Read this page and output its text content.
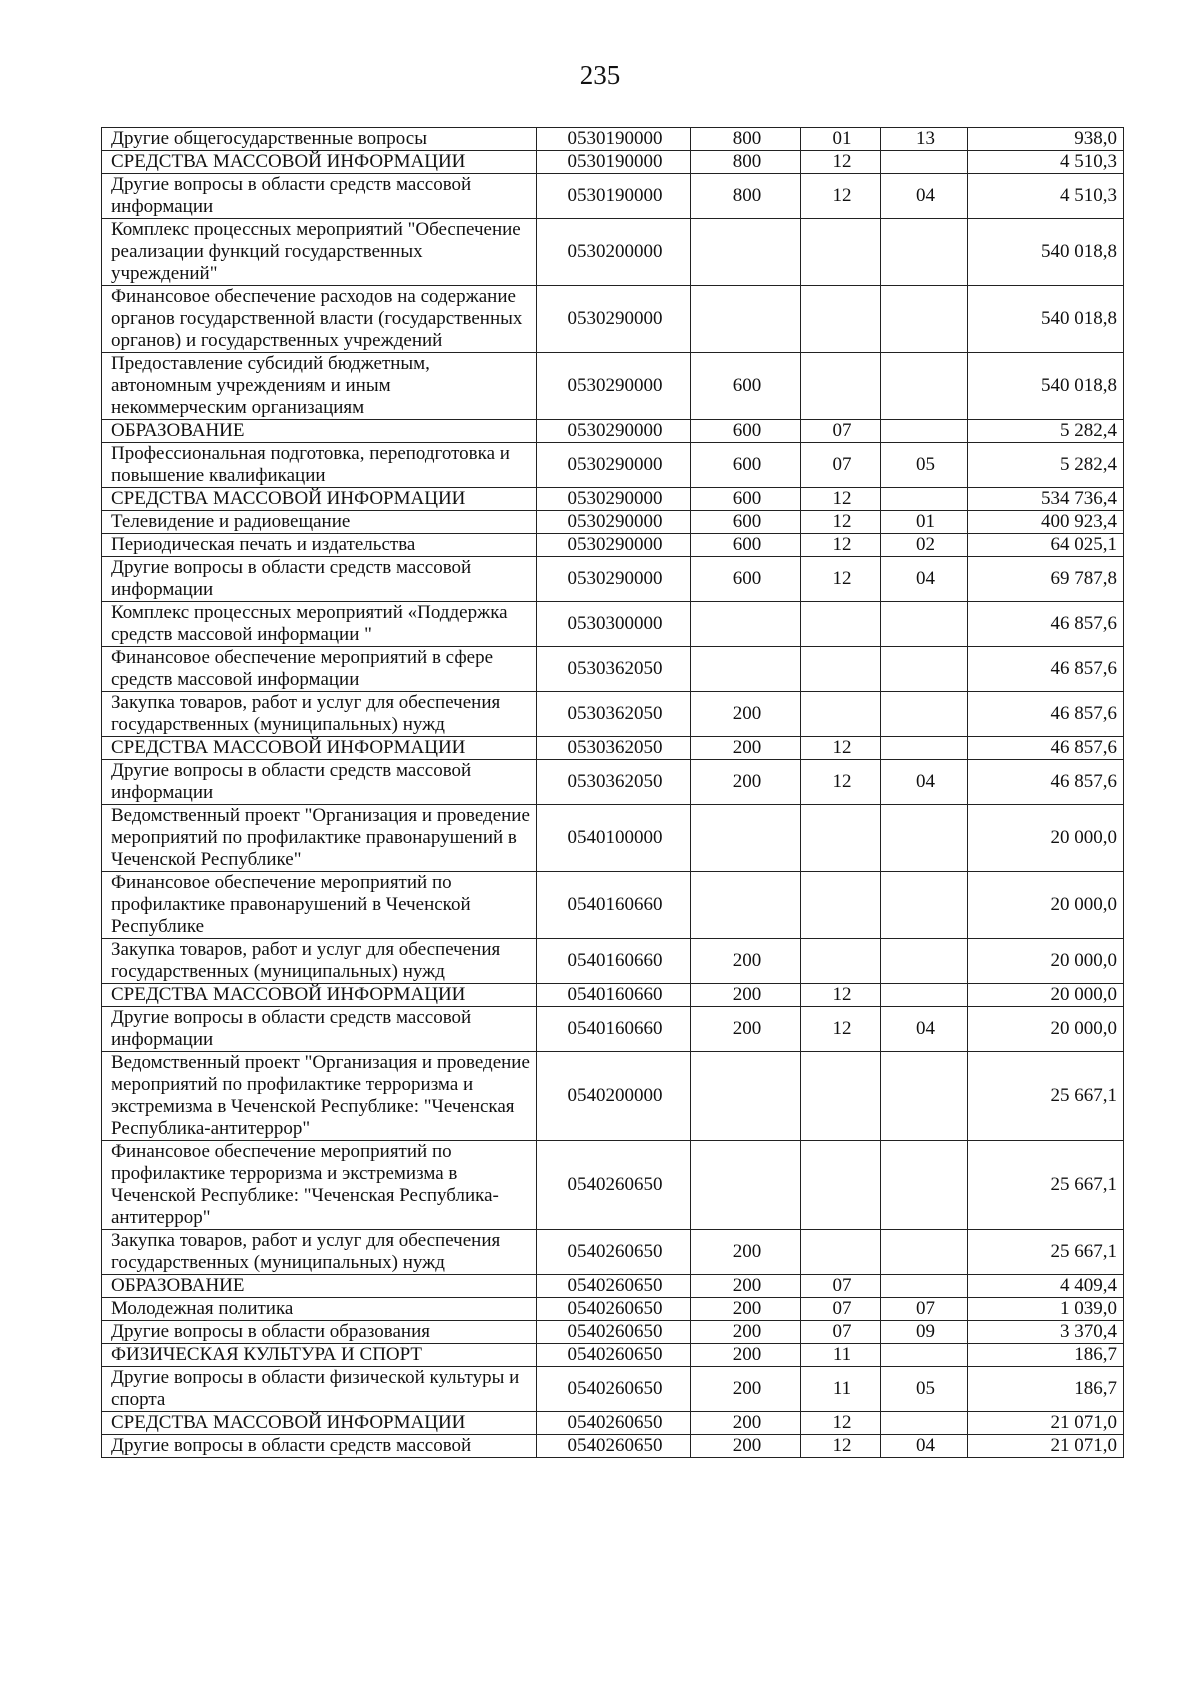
235
Другие общегосударственные вопросы	0530190000	800	01	13	938,0
СРЕДСТВА МАССОВОЙ ИНФОРМАЦИИ	0530190000	800	12		4 510,3
Другие вопросы в области средств массовой информации	0530190000	800	12	04	4 510,3
Комплекс процессных мероприятий "Обеспечение реализации функций государственных учреждений"	0530200000				540 018,8
Финансовое обеспечение расходов на содержание органов государственной власти (государственных органов) и государственных учреждений	0530290000				540 018,8
Предоставление субсидий бюджетным, автономным учреждениям и иным некоммерческим организациям	0530290000	600			540 018,8
ОБРАЗОВАНИЕ	0530290000	600	07		5 282,4
Профессиональная подготовка, переподготовка и повышение квалификации	0530290000	600	07	05	5 282,4
СРЕДСТВА МАССОВОЙ ИНФОРМАЦИИ	0530290000	600	12		534 736,4
Телевидение и радиовещание	0530290000	600	12	01	400 923,4
Периодическая печать и издательства	0530290000	600	12	02	64 025,1
Другие вопросы в области средств массовой информации	0530290000	600	12	04	69 787,8
Комплекс процессных мероприятий «Поддержка средств массовой информации "	0530300000				46 857,6
Финансовое обеспечение мероприятий в сфере средств массовой информации	0530362050				46 857,6
Закупка товаров, работ и услуг для обеспечения государственных (муниципальных) нужд	0530362050	200			46 857,6
СРЕДСТВА МАССОВОЙ ИНФОРМАЦИИ	0530362050	200	12		46 857,6
Другие вопросы в области средств массовой информации	0530362050	200	12	04	46 857,6
Ведомственный проект "Организация и проведение мероприятий по профилактике правонарушений в Чеченской Республике"	0540100000				20 000,0
Финансовое обеспечение мероприятий по профилактике правонарушений в Чеченской Республике	0540160660				20 000,0
Закупка товаров, работ и услуг для обеспечения государственных (муниципальных) нужд	0540160660	200			20 000,0
СРЕДСТВА МАССОВОЙ ИНФОРМАЦИИ	0540160660	200	12		20 000,0
Другие вопросы в области средств массовой информации	0540160660	200	12	04	20 000,0
Ведомственный проект "Организация и проведение мероприятий по профилактике терроризма и экстремизма в Чеченской Республике: "Чеченская Республика-антитеррор"	0540200000				25 667,1
Финансовое обеспечение мероприятий по профилактике терроризма и экстремизма в Чеченской Республике: "Чеченская Республика-антитеррор"	0540260650				25 667,1
Закупка товаров, работ и услуг для обеспечения государственных (муниципальных) нужд	0540260650	200			25 667,1
ОБРАЗОВАНИЕ	0540260650	200	07		4 409,4
Молодежная политика	0540260650	200	07	07	1 039,0
Другие вопросы в области образования	0540260650	200	07	09	3 370,4
ФИЗИЧЕСКАЯ КУЛЬТУРА И СПОРТ	0540260650	200	11		186,7
Другие вопросы в области физической культуры и спорта	0540260650	200	11	05	186,7
СРЕДСТВА МАССОВОЙ ИНФОРМАЦИИ	0540260650	200	12		21 071,0
Другие вопросы в области средств массовой	0540260650	200	12	04	21 071,0
